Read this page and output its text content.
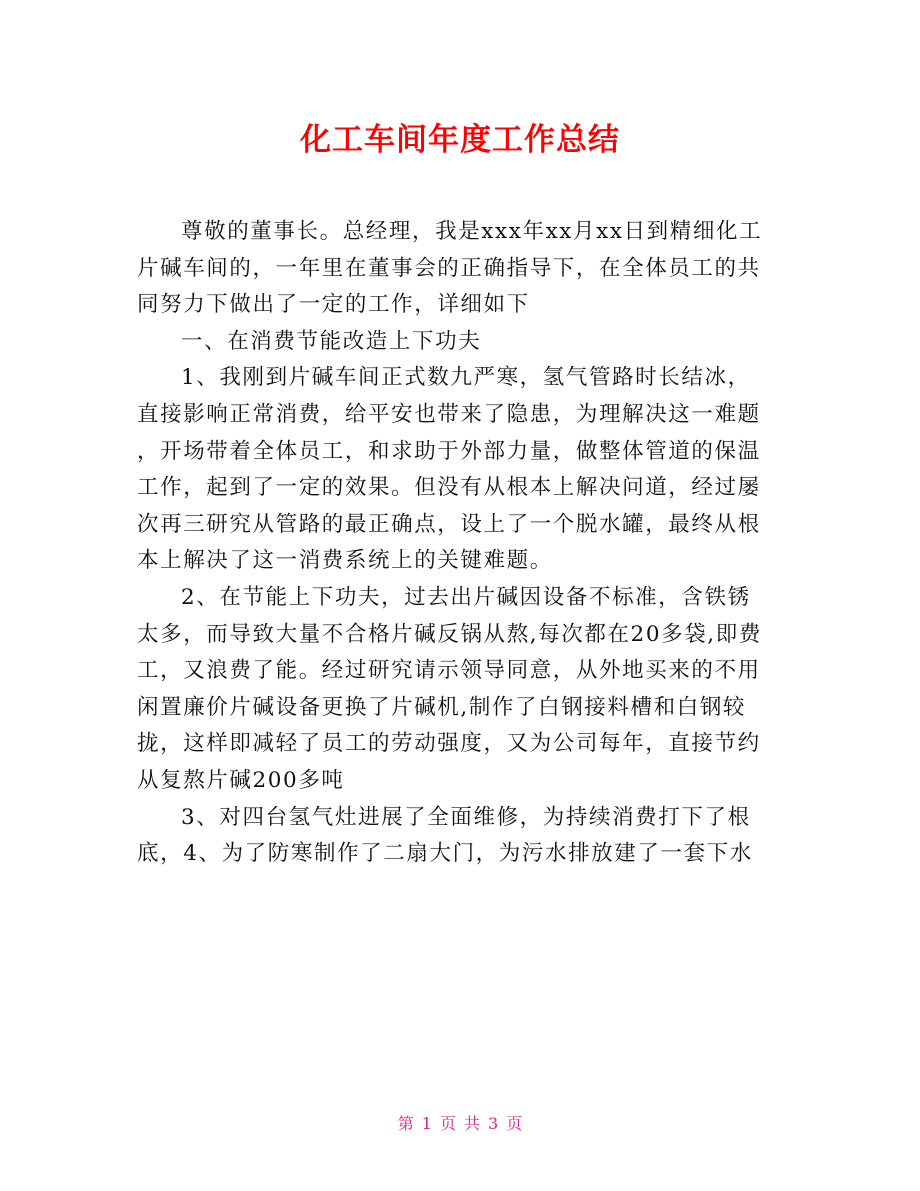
化工车间年度工作总结
尊敬的董事长。总经理，我是xxx年xx月xx日到精细化工
片碱车间的，一年里在董事会的正确指导下，在全体员工的共
同努力下做出了一定的工作，详细如下
一、在消费节能改造上下功夫
1、我刚到片碱车间正式数九严寒，氢气管路时长结冰，
直接影响正常消费，给平安也带来了隐患，为理解决这一难题
，开场带着全体员工，和求助于外部力量，做整体管道的保温
工作，起到了一定的效果。但没有从根本上解决问道，经过屡
次再三研究从管路的最正确点，设上了一个脱水罐，最终从根
本上解决了这一消费系统上的关键难题。
2、在节能上下功夫，过去出片碱因设备不标准，含铁锈
太多，而导致大量不合格片碱反锅从熬,每次都在20多袋,即费
工，又浪费了能。经过研究请示领导同意，从外地买来的不用
闲置廉价片碱设备更换了片碱机,制作了白钢接料槽和白钢较
拢，这样即减轻了员工的劳动强度，又为公司每年，直接节约
从复熬片碱200多吨
3、对四台氢气灶进展了全面维修，为持续消费打下了根
底，4、为了防寒制作了二扇大门，为污水排放建了一套下水
第 1 页 共 3 页
